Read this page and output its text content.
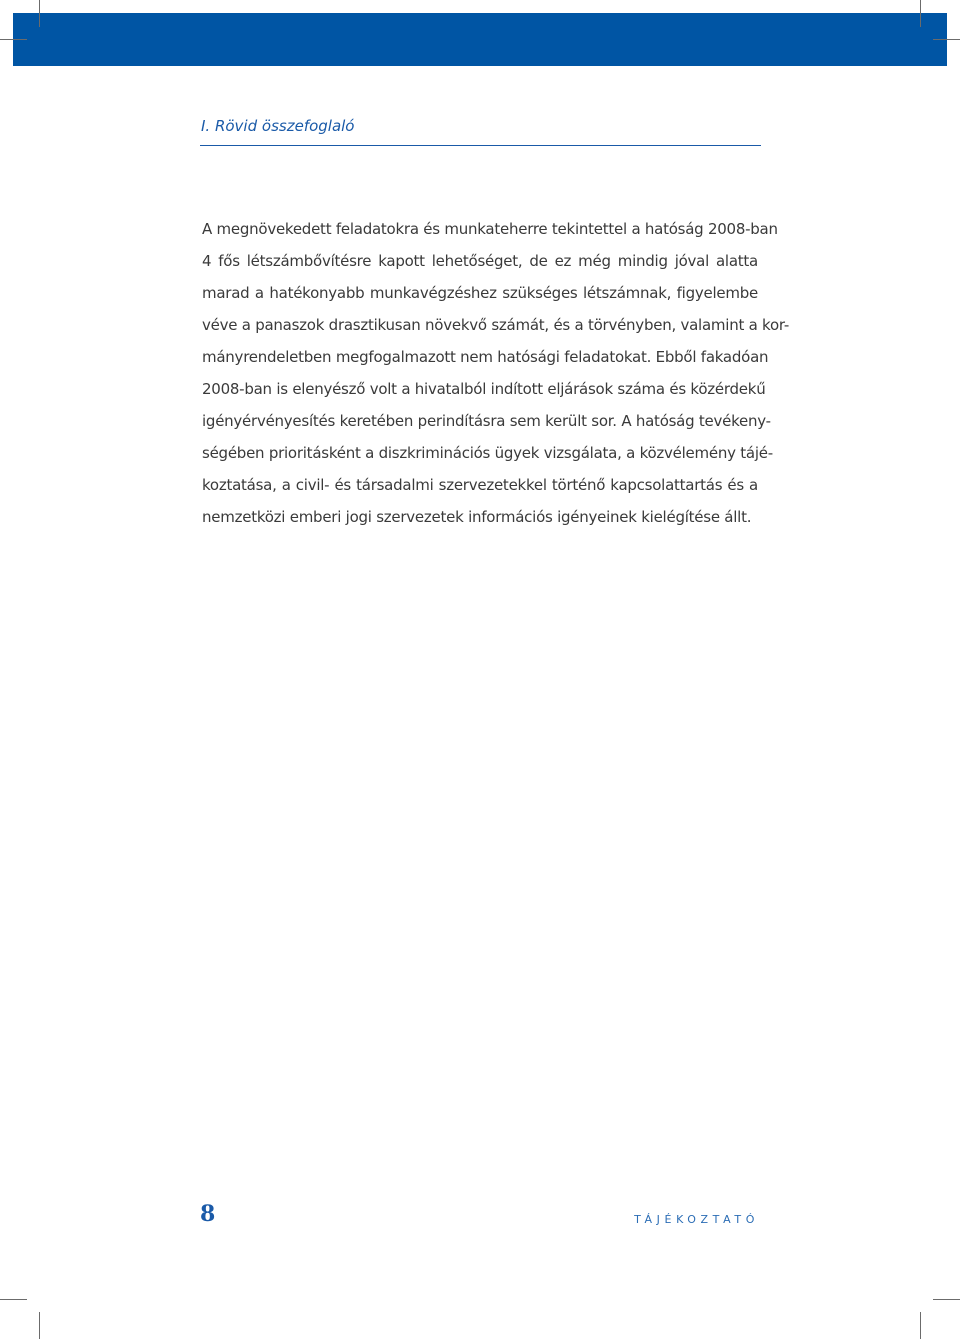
I. Rövid összefoglaló
A megnövekedett feladatokra és munkateherre tekintettel a hatóság 2008-ban
4 fős létszámbővítésre kapott lehetőséget, de ez még mindig jóval alatta
marad a hatékonyabb munkavégzéshez szükséges létszámnak, figyelembe
véve a panaszok drasztikusan növekvő számát, és a törvényben, valamint a kor-
mányrendeletben megfogalmazott nem hatósági feladatokat. Ebből fakadóan
2008-ban is elenyésző volt a hivatalból indított eljárások száma és közérdekű
igényérvényesítés keretében perindításra sem került sor. A hatóság tevékeny-
ségében prioritásként a diszkriminációs ügyek vizsgálata, a közvélemény tájé-
koztatása, a civil- és társadalmi szervezetekkel történő kapcsolattartás és a
nemzetközi emberi jogi szervezetek információs igényeinek kielégítése állt.
8	TÁJÉKOZTATÓ
